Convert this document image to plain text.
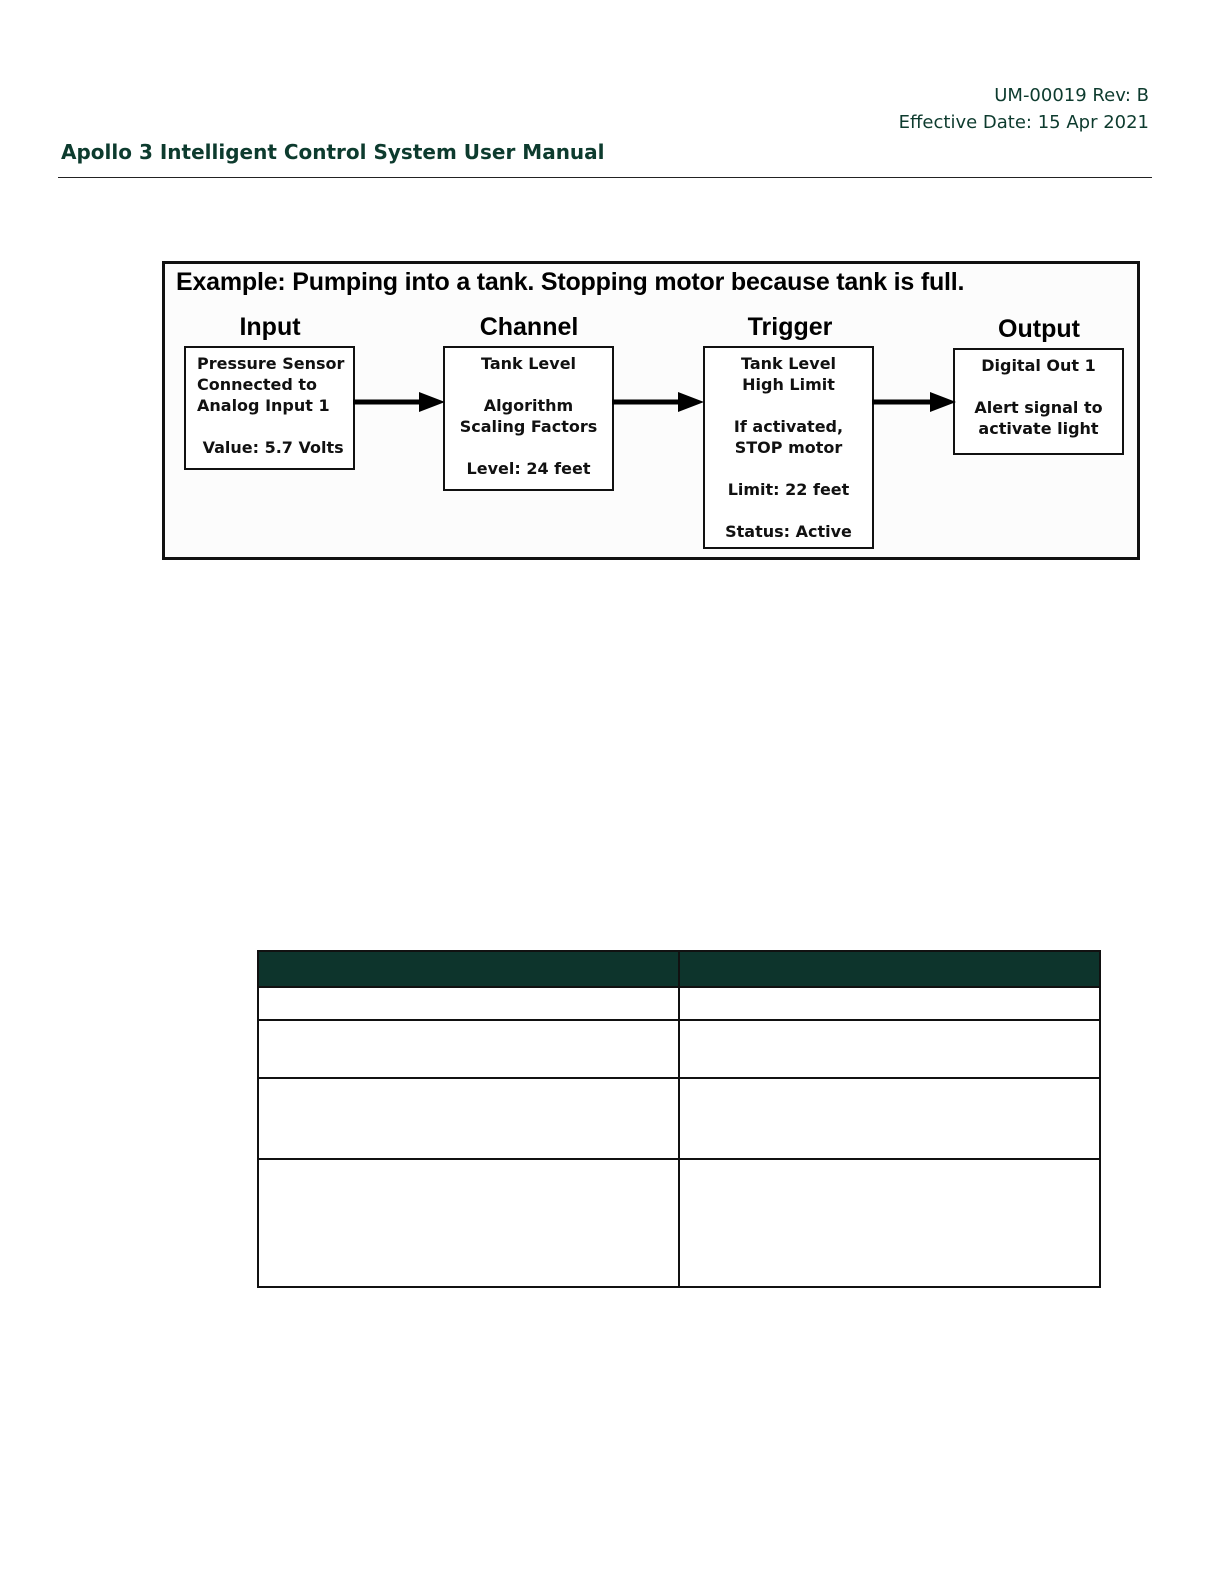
UM-00019 Rev: B
Effective Date: 15 Apr 2021
Apollo 3 Intelligent Control System User Manual
Example: Pumping into a tank. Stopping motor because tank is full.
Input	Channel	Trigger	Output
Pressure Sensor
Connected to
Analog Input 1
Value: 5.7 Volts
Tank Level
Algorithm
Scaling Factors
Level: 24 feet
Tank Level
High Limit
If activated,
STOP motor
Limit: 22 feet
Status: Active
Digital Out 1
Alert signal to
activate light
